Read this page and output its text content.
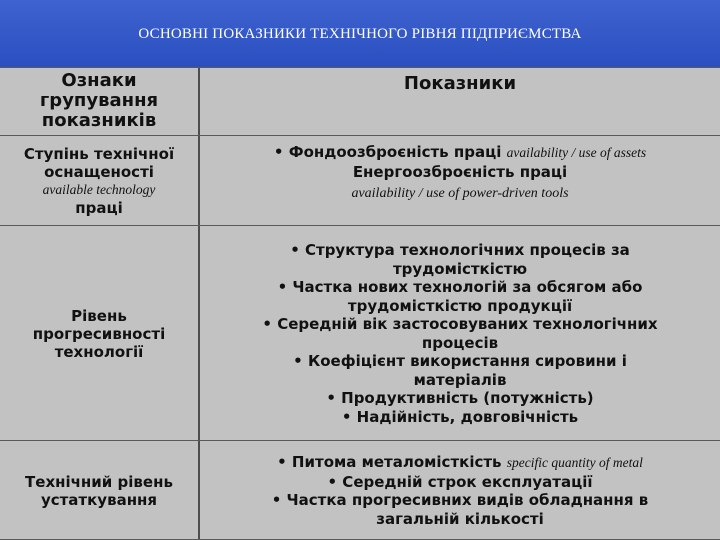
ОСНОВНІ ПОКАЗНИКИ ТЕХНІЧНОГО РІВНЯ ПІДПРИЄМСТВА
Ознаки
групування
показників
Показники
Ступінь технічної
оснащеності
available technology
праці
• Фондоозброєність праці availability / use of assets
Енергоозброєність праці
availability / use of power-driven tools
Рівень
прогресивності
технології
• Структура технологічних процесів за
трудомісткістю
• Частка нових технологій за обсягом або
трудомісткістю продукції
• Середній вік застосовуваних технологічних
процесів
• Коефіцієнт використання сировини і
матеріалів
• Продуктивність (потужність)
• Надійність, довговічність
Технічний рівень
устаткування
• Питома металомісткість specific quantity of metal
• Середній строк експлуатації
• Частка прогресивних видів обладнання в
загальній кількості
